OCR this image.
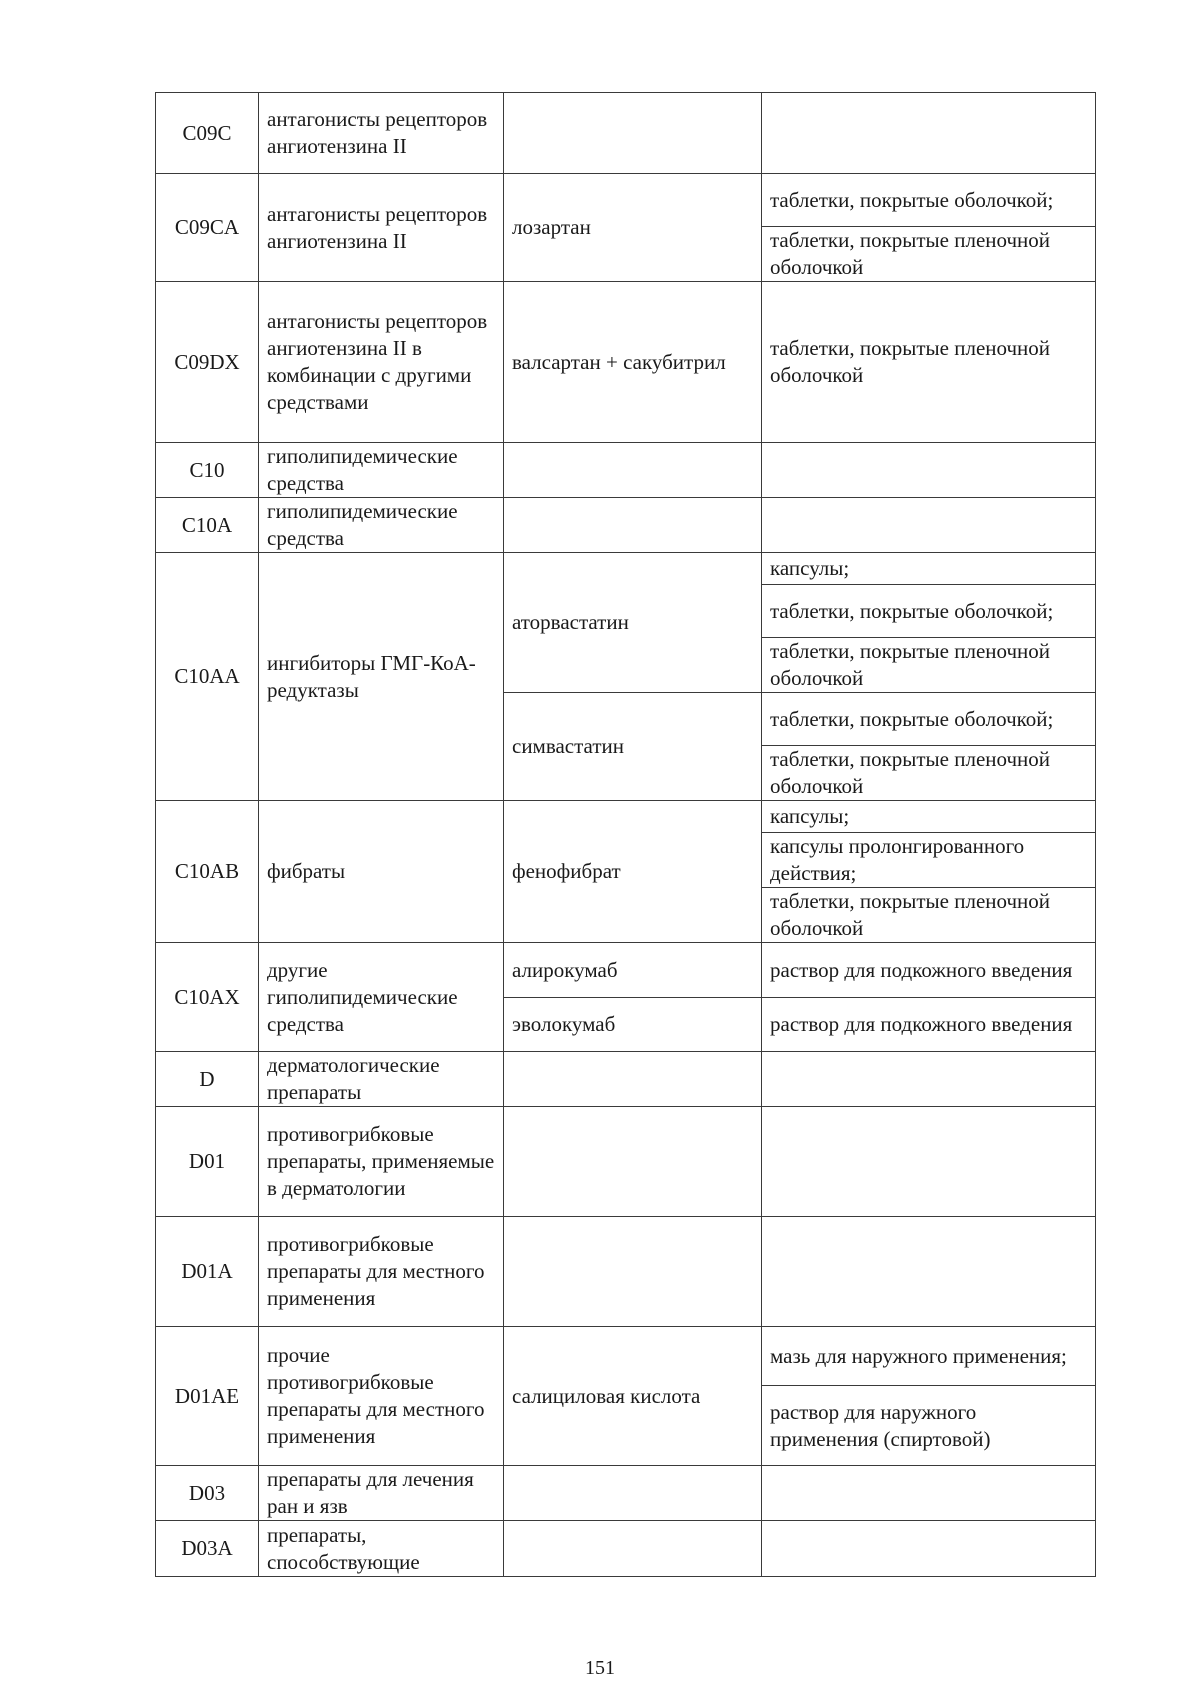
C09C	антагонисты рецепторов ангиотензина II		
C09CA	антагонисты рецепторов ангиотензина II	лозартан	таблетки, покрытые оболочкой;
			таблетки, покрытые пленочной оболочкой
C09DX	антагонисты рецепторов ангиотензина II в комбинации с другими средствами	валсартан + сакубитрил	таблетки, покрытые пленочной оболочкой
C10	гиполипидемические средства		
C10A	гиполипидемические средства		
C10AA	ингибиторы ГМГ-КоА-редуктазы	аторвастатин	капсулы;
			таблетки, покрытые оболочкой;
			таблетки, покрытые пленочной оболочкой
		симвастатин	таблетки, покрытые оболочкой;
			таблетки, покрытые пленочной оболочкой
C10AB	фибраты	фенофибрат	капсулы;
			капсулы пролонгированного действия;
			таблетки, покрытые пленочной оболочкой
C10AX	другие гиполипидемические средства	алирокумаб	раствор для подкожного введения
		эволокумаб	раствор для подкожного введения
D	дерматологические препараты		
D01	противогрибковые препараты, применяемые в дерматологии		
D01A	противогрибковые препараты для местного применения		
D01AE	прочие противогрибковые препараты для местного применения	салициловая кислота	мазь для наружного применения;
			раствор для наружного применения (спиртовой)
D03	препараты для лечения ран и язв		
D03A	препараты, способствующие		
151
